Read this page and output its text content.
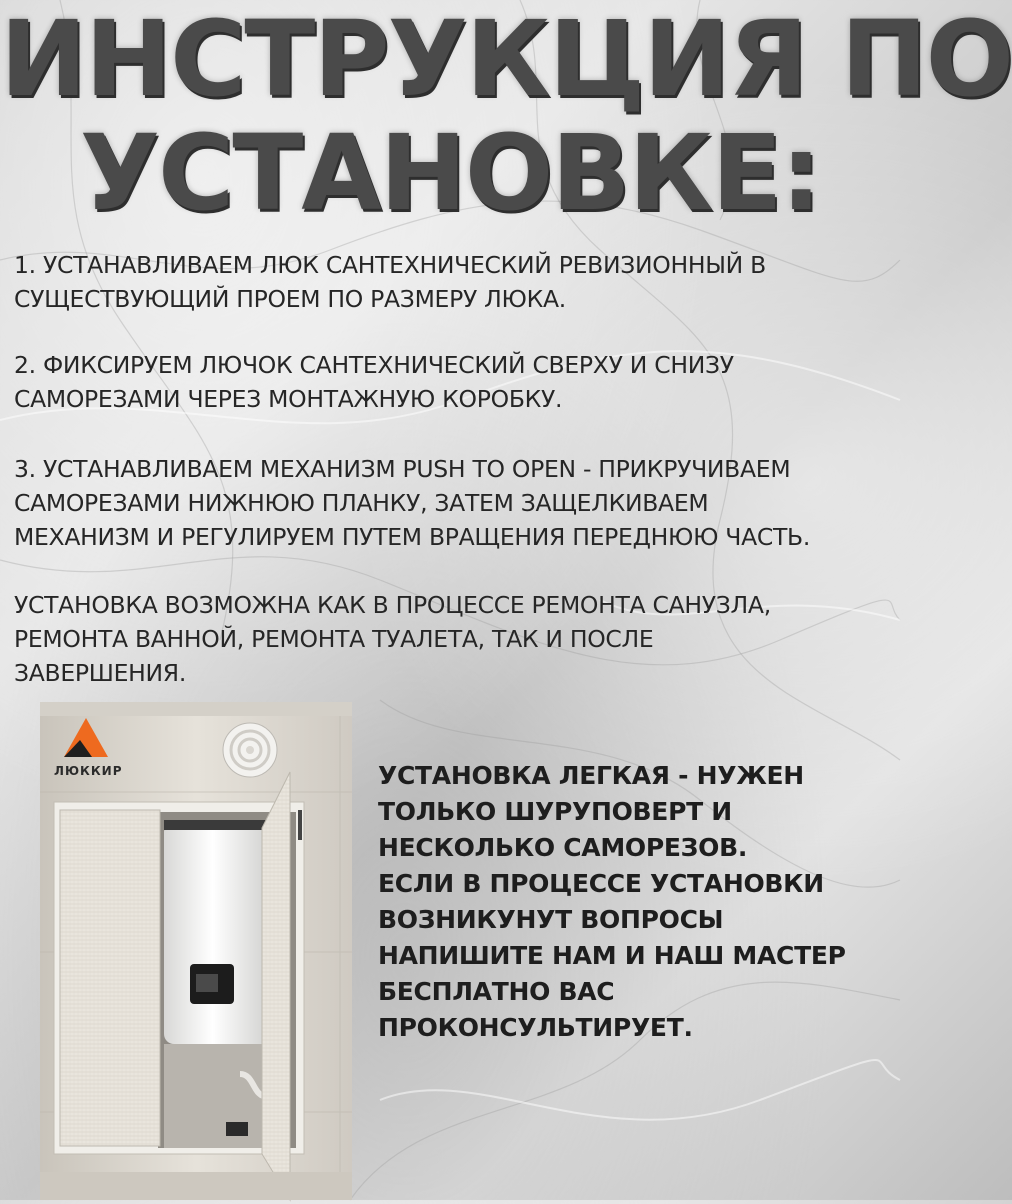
ИНСТРУКЦИЯ ПО
УСТАНОВКЕ:
1. УСТАНАВЛИВАЕМ ЛЮК САНТЕХНИЧЕСКИЙ РЕВИЗИОННЫЙ В
СУЩЕСТВУЮЩИЙ ПРОЕМ ПО РАЗМЕРУ ЛЮКА.
2. ФИКСИРУЕМ ЛЮЧОК САНТЕХНИЧЕСКИЙ СВЕРХУ И СНИЗУ
САМОРЕЗАМИ ЧЕРЕЗ МОНТАЖНУЮ КОРОБКУ.
3. УСТАНАВЛИВАЕМ МЕХАНИЗМ PUSH TO OPEN - ПРИКРУЧИВАЕМ
САМОРЕЗАМИ НИЖНЮЮ ПЛАНКУ, ЗАТЕМ ЗАЩЕЛКИВАЕМ
МЕХАНИЗМ И РЕГУЛИРУЕМ ПУТЕМ ВРАЩЕНИЯ ПЕРЕДНЮЮ ЧАСТЬ.
УСТАНОВКА ВОЗМОЖНА КАК В ПРОЦЕССЕ РЕМОНТА САНУЗЛА,
РЕМОНТА ВАННОЙ, РЕМОНТА ТУАЛЕТА, ТАК И ПОСЛЕ
ЗАВЕРШЕНИЯ.
ЛЮККИР	УСТАНОВКА ЛЕГКАЯ - НУЖЕН
ТОЛЬКО ШУРУПОВЕРТ И
НЕСКОЛЬКО САМОРЕЗОВ.
ЕСЛИ В ПРОЦЕССЕ УСТАНОВКИ
ВОЗНИКУНУТ ВОПРОСЫ
НАПИШИТЕ НАМ И НАШ МАСТЕР
БЕСПЛАТНО ВАС
ПРОКОНСУЛЬТИРУЕТ.
